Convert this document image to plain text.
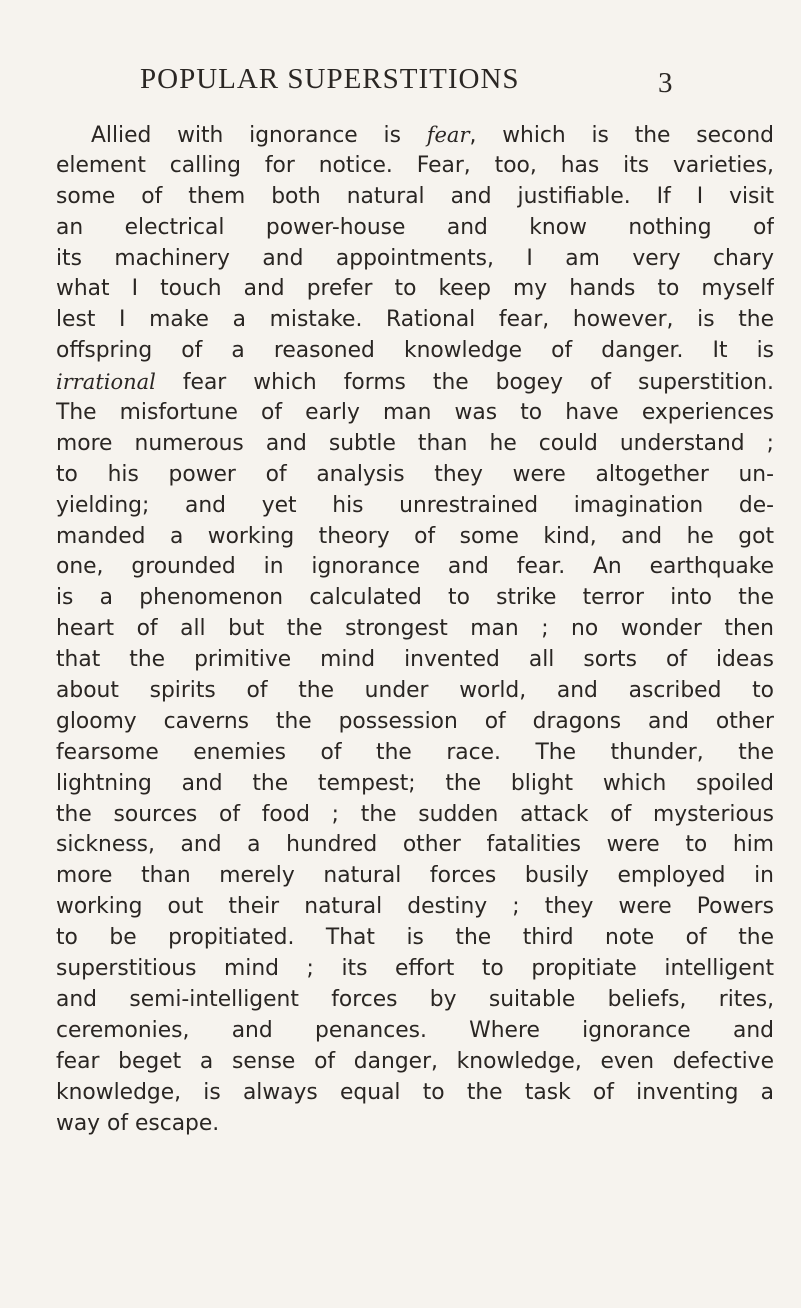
POPULAR SUPERSTITIONS	3
Allied with ignorance is fear, which is the second
element calling for notice. Fear, too, has its varieties,
some of them both natural and justifiable. If I visit
an electrical power-house and know nothing of
its machinery and appointments, I am very chary
what I touch and prefer to keep my hands to myself
lest I make a mistake. Rational fear, however, is the
offspring of a reasoned knowledge of danger. It is
irrational fear which forms the bogey of superstition.
The misfortune of early man was to have experiences
more numerous and subtle than he could understand ;
to his power of analysis they were altogether un-
yielding; and yet his unrestrained imagination de-
manded a working theory of some kind, and he got
one, grounded in ignorance and fear. An earthquake
is a phenomenon calculated to strike terror into the
heart of all but the strongest man ; no wonder then
that the primitive mind invented all sorts of ideas
about spirits of the under world, and ascribed to
gloomy caverns the possession of dragons and other
fearsome enemies of the race. The thunder, the
lightning and the tempest; the blight which spoiled
the sources of food ; the sudden attack of mysterious
sickness, and a hundred other fatalities were to him
more than merely natural forces busily employed in
working out their natural destiny ; they were Powers
to be propitiated. That is the third note of the
superstitious mind ; its effort to propitiate intelligent
and semi-intelligent forces by suitable beliefs, rites,
ceremonies, and penances. Where ignorance and
fear beget a sense of danger, knowledge, even defective
knowledge, is always equal to the task of inventing a
way of escape.
